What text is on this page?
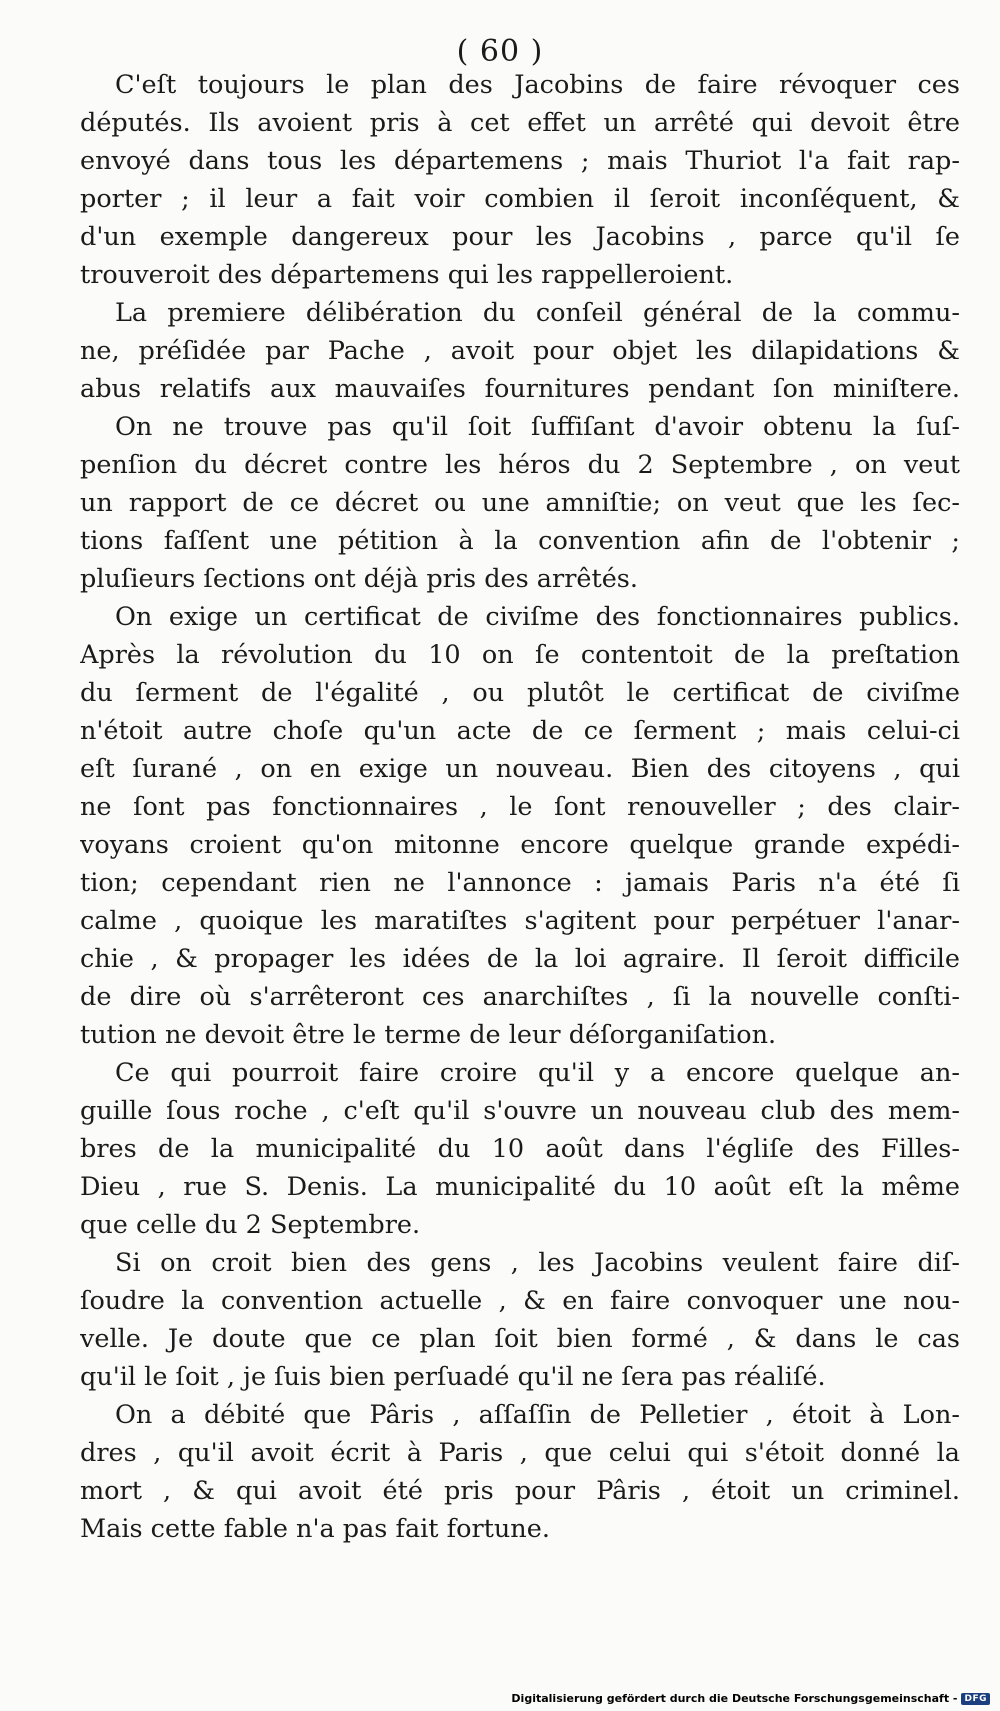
( 60 )
C'eſt toujours le plan des Jacobins de faire révoquer ces
députés. Ils avoient pris à cet effet un arrêté qui devoit être
envoyé dans tous les départemens ; mais Thuriot l'a fait rap-
porter ; il leur a fait voir combien il ſeroit inconſéquent, &
d'un exemple dangereux pour les Jacobins , parce qu'il ſe
trouveroit des départemens qui les rappelleroient.
La premiere délibération du conſeil général de la commu-
ne, préſidée par Pache , avoit pour objet les dilapidations &
abus relatifs aux mauvaiſes fournitures pendant ſon miniſtere.
On ne trouve pas qu'il ſoit ſuffiſant d'avoir obtenu la ſuſ-
penſion du décret contre les héros du 2 Septembre , on veut
un rapport de ce décret ou une amniſtie; on veut que les ſec-
tions faſſent une pétition à la convention afin de l'obtenir ;
pluſieurs ſections ont déjà pris des arrêtés.
On exige un certificat de civiſme des fonctionnaires publics.
Après la révolution du 10 on ſe contentoit de la preſtation
du ſerment de l'égalité , ou plutôt le certificat de civiſme
n'étoit autre choſe qu'un acte de ce ſerment ; mais celui-ci
eſt ſurané , on en exige un nouveau. Bien des citoyens , qui
ne ſont pas fonctionnaires , le ſont renouveller ; des clair-
voyans croient qu'on mitonne encore quelque grande expédi-
tion; cependant rien ne l'annonce : jamais Paris n'a été ſi
calme , quoique les maratiſtes s'agitent pour perpétuer l'anar-
chie , & propager les idées de la loi agraire. Il ſeroit difficile
de dire où s'arrêteront ces anarchiſtes , ſi la nouvelle conſti-
tution ne devoit être le terme de leur déſorganiſation.
Ce qui pourroit faire croire qu'il y a encore quelque an-
guille ſous roche , c'eſt qu'il s'ouvre un nouveau club des mem-
bres de la municipalité du 10 août dans l'égliſe des Filles-
Dieu , rue S. Denis. La municipalité du 10 août eſt la même
que celle du 2 Septembre.
Si on croit bien des gens , les Jacobins veulent faire diſ-
ſoudre la convention actuelle , & en faire convoquer une nou-
velle. Je doute que ce plan ſoit bien formé , & dans le cas
qu'il le ſoit , je ſuis bien perſuadé qu'il ne ſera pas réaliſé.
On a débité que Pâris , aſſaſſin de Pelletier , étoit à Lon-
dres , qu'il avoit écrit à Paris , que celui qui s'étoit donné la
mort , & qui avoit été pris pour Pâris , étoit un criminel.
Mais cette fable n'a pas fait fortune.
Digitalisierung gefördert durch die Deutsche Forschungsgemeinschaft - DFG
